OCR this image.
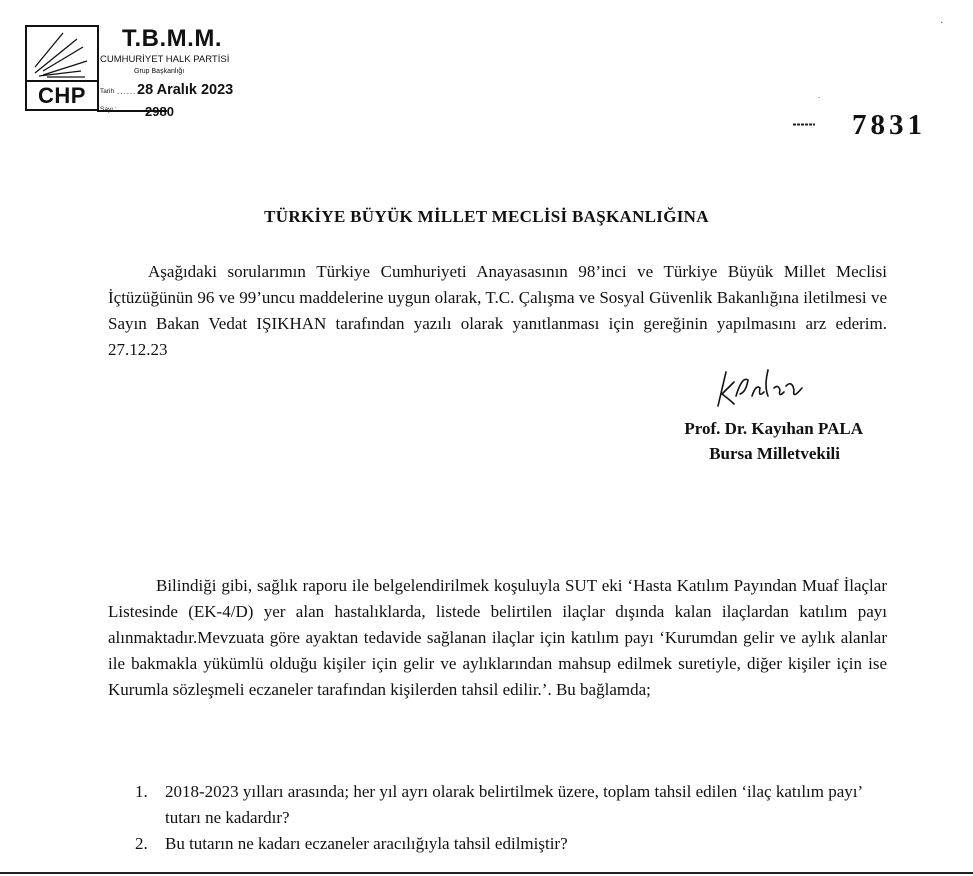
CHP
T.B.M.M.
CUMHURİYET HALK PARTİSİ
Grup Başkanlığı
Tarih ...... 28 Aralık 2023
Sayı : 2980	7831
·
.
TÜRKİYE BÜYÜK MİLLET MECLİSİ BAŞKANLIĞINA
Aşağıdaki sorularımın Türkiye Cumhuriyeti Anayasasının 98’inci ve Türkiye Büyük Millet Meclisi İçtüzüğünün 96 ve 99’uncu maddelerine uygun olarak, T.C. Çalışma ve Sosyal Güvenlik Bakanlığına iletilmesi ve Sayın Bakan Vedat IŞIKHAN tarafından yazılı olarak yanıtlanması için gereğinin yapılmasını arz ederim. 27.12.23
Prof. Dr. Kayıhan PALA
Bursa Milletvekili
Bilindiği gibi, sağlık raporu ile belgelendirilmek koşuluyla SUT eki ‘Hasta Katılım Payından Muaf İlaçlar Listesinde (EK-4/D) yer alan hastalıklarda, listede belirtilen ilaçlar dışında kalan ilaçlardan katılım payı alınmaktadır.Mevzuata göre ayaktan tedavide sağlanan ilaçlar için katılım payı ‘Kurumdan gelir ve aylık alanlar ile bakmakla yükümlü olduğu kişiler için gelir ve aylıklarından mahsup edilmek suretiyle, diğer kişiler için ise Kurumla sözleşmeli eczaneler tarafından kişilerden tahsil edilir.’. Bu bağlamda;
1. 2018-2023 yılları arasında; her yıl ayrı olarak belirtilmek üzere, toplam tahsil edilen ‘ilaç katılım payı’ tutarı ne kadardır?
2. Bu tutarın ne kadarı eczaneler aracılığıyla tahsil edilmiştir?
